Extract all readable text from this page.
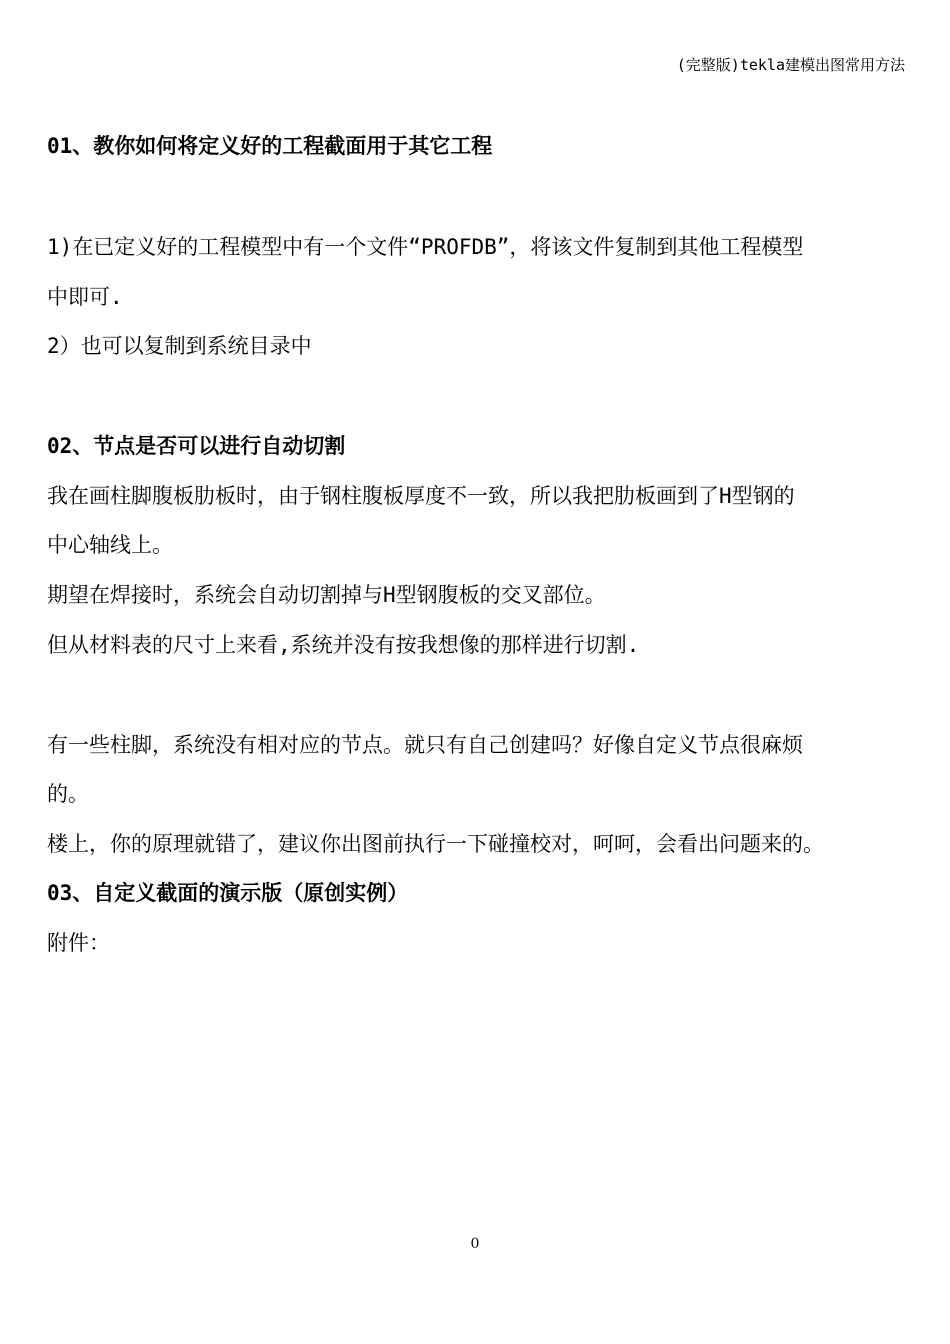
(完整版)tekla建模出图常用方法
01、教你如何将定义好的工程截面用于其它工程
1)在已定义好的工程模型中有一个文件“PROFDB”，将该文件复制到其他工程模型
中即可.
2）也可以复制到系统目录中
02、节点是否可以进行自动切割
我在画柱脚腹板肋板时，由于钢柱腹板厚度不一致，所以我把肋板画到了H型钢的
中心轴线上。
期望在焊接时，系统会自动切割掉与H型钢腹板的交叉部位。
但从材料表的尺寸上来看,系统并没有按我想像的那样进行切割.
有一些柱脚，系统没有相对应的节点。就只有自己创建吗？好像自定义节点很麻烦
的。
楼上，你的原理就错了，建议你出图前执行一下碰撞校对，呵呵，会看出问题来的。
03、自定义截面的演示版（原创实例）
附件：
0
